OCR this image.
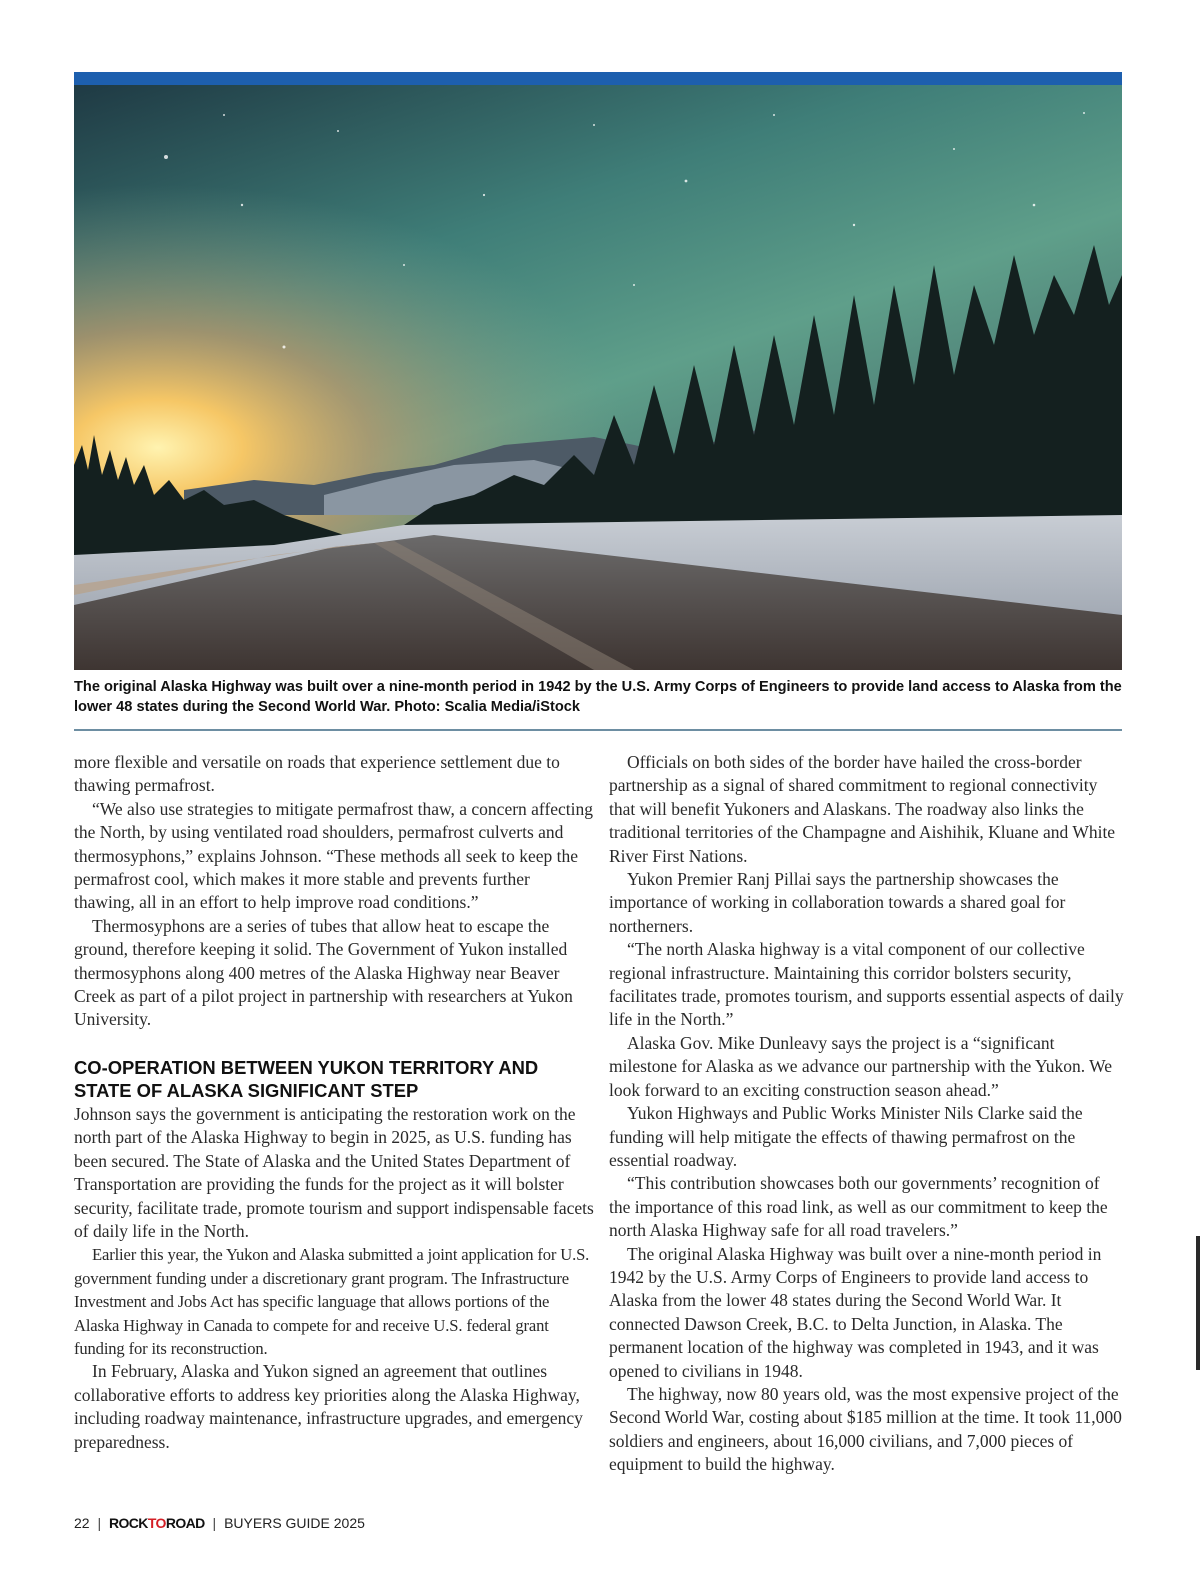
The original Alaska Highway was built over a nine-month period in 1942 by the U.S. Army Corps of Engineers to provide land access to Alaska from the lower 48 states during the Second World War. Photo: Scalia Media/iStock

more flexible and versatile on roads that experience settlement due to thawing permafrost.

“We also use strategies to mitigate permafrost thaw, a concern affecting the North, by using ventilated road shoulders, permafrost culverts and thermosyphons,” explains Johnson. “These methods all seek to keep the permafrost cool, which makes it more stable and prevents further thawing, all in an effort to help improve road conditions.”

Thermosyphons are a series of tubes that allow heat to escape the ground, therefore keeping it solid. The Government of Yukon installed thermosyphons along 400 metres of the Alaska Highway near Beaver Creek as part of a pilot project in partnership with researchers at Yukon University.

CO-OPERATION BETWEEN YUKON TERRITORY AND STATE OF ALASKA SIGNIFICANT STEP

Johnson says the government is anticipating the restoration work on the north part of the Alaska Highway to begin in 2025, as U.S. funding has been secured. The State of Alaska and the United States Department of Transportation are providing the funds for the project as it will bolster security, facilitate trade, promote tourism and support indispensable facets of daily life in the North.

Earlier this year, the Yukon and Alaska submitted a joint application for U.S. government funding under a discretionary grant program. The Infrastructure Investment and Jobs Act has specific language that allows portions of the Alaska Highway in Canada to compete for and receive U.S. federal grant funding for its reconstruction.

In February, Alaska and Yukon signed an agreement that outlines collaborative efforts to address key priorities along the Alaska Highway, including roadway maintenance, infrastructure upgrades, and emergency preparedness.

Officials on both sides of the border have hailed the cross-border partnership as a signal of shared commitment to regional connectivity that will benefit Yukoners and Alaskans. The roadway also links the traditional territories of the Champagne and Aishihik, Kluane and White River First Nations.

Yukon Premier Ranj Pillai says the partnership showcases the importance of working in collaboration towards a shared goal for northerners.

“The north Alaska highway is a vital component of our collective regional infrastructure. Maintaining this corridor bolsters security, facilitates trade, promotes tourism, and supports essential aspects of daily life in the North.”

Alaska Gov. Mike Dunleavy says the project is a “significant milestone for Alaska as we advance our partnership with the Yukon. We look forward to an exciting construction season ahead.”

Yukon Highways and Public Works Minister Nils Clarke said the funding will help mitigate the effects of thawing permafrost on the essential roadway.

“This contribution showcases both our governments’ recognition of the importance of this road link, as well as our commitment to keep the north Alaska Highway safe for all road travelers.”

The original Alaska Highway was built over a nine-month period in 1942 by the U.S. Army Corps of Engineers to provide land access to Alaska from the lower 48 states during the Second World War. It connected Dawson Creek, B.C. to Delta Junction, in Alaska. The permanent location of the highway was completed in 1943, and it was opened to civilians in 1948.

The highway, now 80 years old, was the most expensive project of the Second World War, costing about $185 million at the time. It took 11,000 soldiers and engineers, about 16,000 civilians, and 7,000 pieces of equipment to build the highway.

22 | ROCKTOROAD | BUYERS GUIDE 2025
